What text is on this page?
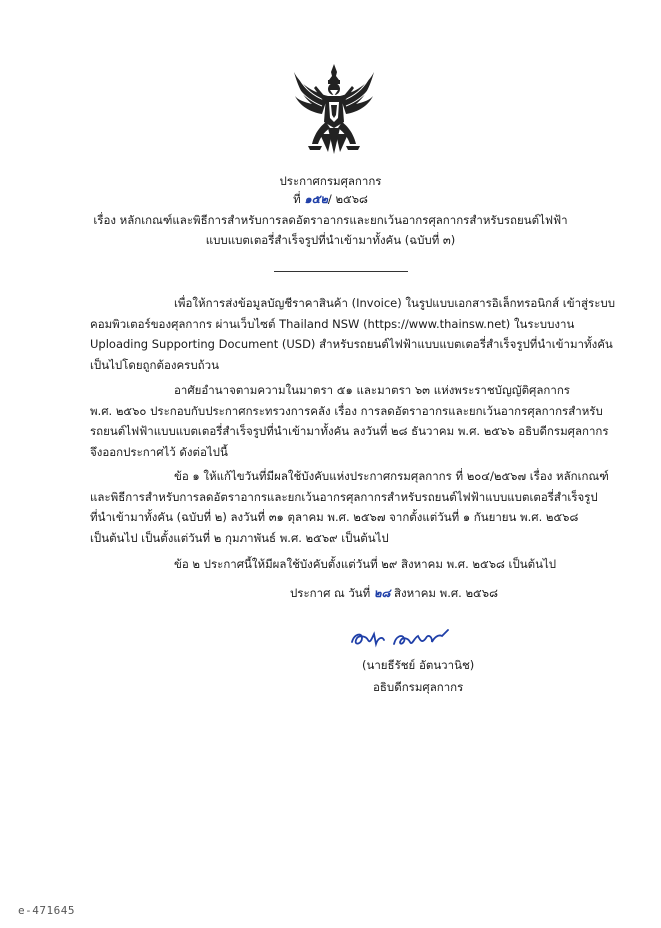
ประกาศกรมศุลกากร
ที่ ๑๕๒/ ๒๕๖๘
เรื่อง หลักเกณฑ์และพิธีการสำหรับการลดอัตราอากรและยกเว้นอากรศุลกากรสำหรับรถยนต์ไฟฟ้า
แบบแบตเตอรี่สำเร็จรูปที่นำเข้ามาทั้งคัน (ฉบับที่ ๓)
เพื่อให้การส่งข้อมูลบัญชีราคาสินค้า (Invoice) ในรูปแบบเอกสารอิเล็กทรอนิกส์ เข้าสู่ระบบ
คอมพิวเตอร์ของศุลกากร ผ่านเว็บไซต์ Thailand NSW (https://www.thainsw.net) ในระบบงาน
Uploading Supporting Document (USD) สำหรับรถยนต์ไฟฟ้าแบบแบตเตอรี่สำเร็จรูปที่นำเข้ามาทั้งคัน
เป็นไปโดยถูกต้องครบถ้วน
อาศัยอำนาจตามความในมาตรา ๕๑ และมาตรา ๖๓ แห่งพระราชบัญญัติศุลกากร
พ.ศ. ๒๕๖๐ ประกอบกับประกาศกระทรวงการคลัง เรื่อง การลดอัตราอากรและยกเว้นอากรศุลกากรสำหรับ
รถยนต์ไฟฟ้าแบบแบตเตอรี่สำเร็จรูปที่นำเข้ามาทั้งคัน ลงวันที่ ๒๘ ธันวาคม พ.ศ. ๒๕๖๖ อธิบดีกรมศุลกากร
จึงออกประกาศไว้ ดังต่อไปนี้
ข้อ ๑ ให้แก้ไขวันที่มีผลใช้บังคับแห่งประกาศกรมศุลกากร ที่ ๒๐๔/๒๕๖๗ เรื่อง หลักเกณฑ์
และพิธีการสำหรับการลดอัตราอากรและยกเว้นอากรศุลกากรสำหรับรถยนต์ไฟฟ้าแบบแบตเตอรี่สำเร็จรูป
ที่นำเข้ามาทั้งคัน (ฉบับที่ ๒) ลงวันที่ ๓๑ ตุลาคม พ.ศ. ๒๕๖๗ จากตั้งแต่วันที่ ๑ กันยายน พ.ศ. ๒๕๖๘
เป็นต้นไป เป็นตั้งแต่วันที่ ๒ กุมภาพันธ์ พ.ศ. ๒๕๖๙ เป็นต้นไป
ข้อ ๒ ประกาศนี้ให้มีผลใช้บังคับตั้งแต่วันที่ ๒๙ สิงหาคม พ.ศ. ๒๕๖๘ เป็นต้นไป
ประกาศ ณ วันที่ ๒๘ สิงหาคม พ.ศ. ๒๕๖๘
(นายธีรัชย์ อัตนวานิช)
อธิบดีกรมศุลกากร
e-471645
